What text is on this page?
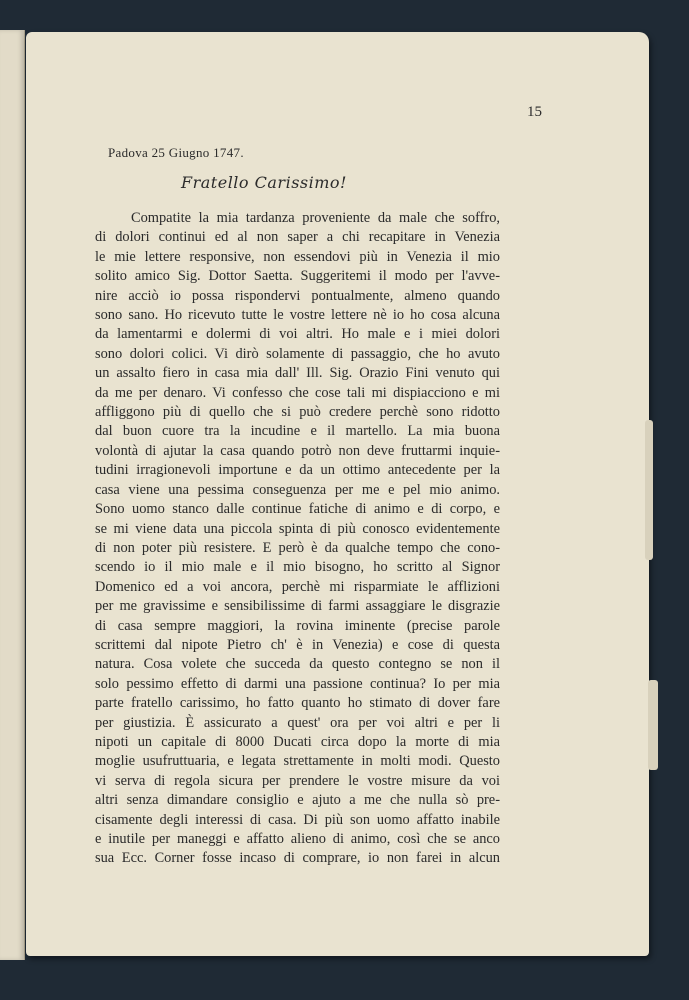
15
Padova 25 Giugno 1747.
Fratello Carissimo!
Compatite la mia tardanza proveniente da male che soffro,
di dolori continui ed al non saper a chi recapitare in Venezia
le mie lettere responsive, non essendovi più in Venezia il mio
solito amico Sig. Dottor Saetta. Suggeritemi il modo per l'avve-
nire acciò io possa rispondervi pontualmente, almeno quando
sono sano. Ho ricevuto tutte le vostre lettere nè io ho cosa alcuna
da lamentarmi e dolermi di voi altri. Ho male e i miei dolori
sono dolori colici. Vi dirò solamente di passaggio, che ho avuto
un assalto fiero in casa mia dall' Ill. Sig. Orazio Fini venuto qui
da me per denaro. Vi confesso che cose tali mi dispiacciono e mi
affliggono più di quello che si può credere perchè sono ridotto
dal buon cuore tra la incudine e il martello. La mia buona
volontà di ajutar la casa quando potrò non deve fruttarmi inquie-
tudini irragionevoli importune e da un ottimo antecedente per la
casa viene una pessima conseguenza per me e pel mio animo.
Sono uomo stanco dalle continue fatiche di animo e di corpo, e
se mi viene data una piccola spinta di più conosco evidentemente
di non poter più resistere. E però è da qualche tempo che cono-
scendo io il mio male e il mio bisogno, ho scritto al Signor
Domenico ed a voi ancora, perchè mi risparmiate le afflizioni
per me gravissime e sensibilissime di farmi assaggiare le disgrazie
di casa sempre maggiori, la rovina iminente (precise parole
scrittemi dal nipote Pietro ch' è in Venezia) e cose di questa
natura. Cosa volete che succeda da questo contegno se non il
solo pessimo effetto di darmi una passione continua? Io per mia
parte fratello carissimo, ho fatto quanto ho stimato di dover fare
per giustizia. È assicurato a quest' ora per voi altri e per li
nipoti un capitale di 8000 Ducati circa dopo la morte di mia
moglie usufruttuaria, e legata strettamente in molti modi. Questo
vi serva di regola sicura per prendere le vostre misure da voi
altri senza dimandare consiglio e ajuto a me che nulla sò pre-
cisamente degli interessi di casa. Di più son uomo affatto inabile
e inutile per maneggi e affatto alieno di animo, così che se anco
sua Ecc. Corner fosse incaso di comprare, io non farei in alcun
